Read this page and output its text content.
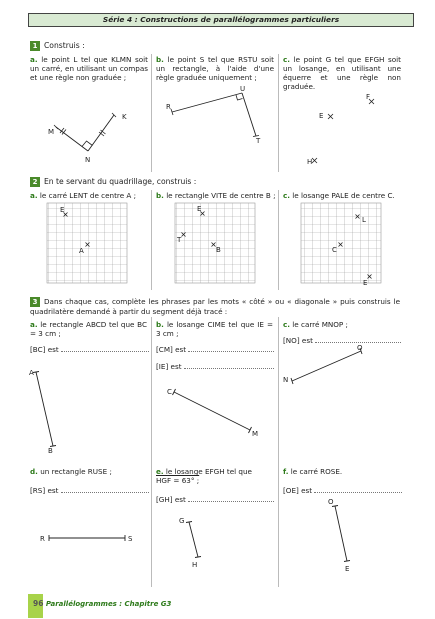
Série 4 : Constructions de parallélogrammes particuliers
1 Construis :
a. le point L tel que KLMN soit un carré, en utilisant un compas et une règle non graduée ;
b. le point S tel que RSTU soit un rectangle, à l'aide d'une règle graduée uniquement ;
c. le point G tel que EFGH soit un losange, en utilisant une équerre et une règle non graduée.
K
M
N
R
U
T
F
E
H
2 En te servant du quadrillage, construis :
a. le carré LENT de centre A ;	b. le rectangle VITE de centre B ; c. le losange PALE de centre C.
E
A
E
T
B
L
C
E
3 Dans chaque cas, complète les phrases par les mots « côté » ou « diagonale » puis construis le quadrilatère demandé à partir du segment déjà tracé :
a. le rectangle ABCD tel que BC = 3 cm ;
[BC] est
b. le losange CIME tel que IE = 3 cm ;
[CM] est
[IE] est
c. le carré MNOP ;
[NO] est
d. un rectangle RUSE ;
[RS] est
e. le losange EFGH tel que
HGF = 63° ;
[GH] est
f. le carré ROSE.
[OE] est
A
B
C
M
O
N
R	S
G
H
O
E
96 Parallélogrammes : Chapitre G3
